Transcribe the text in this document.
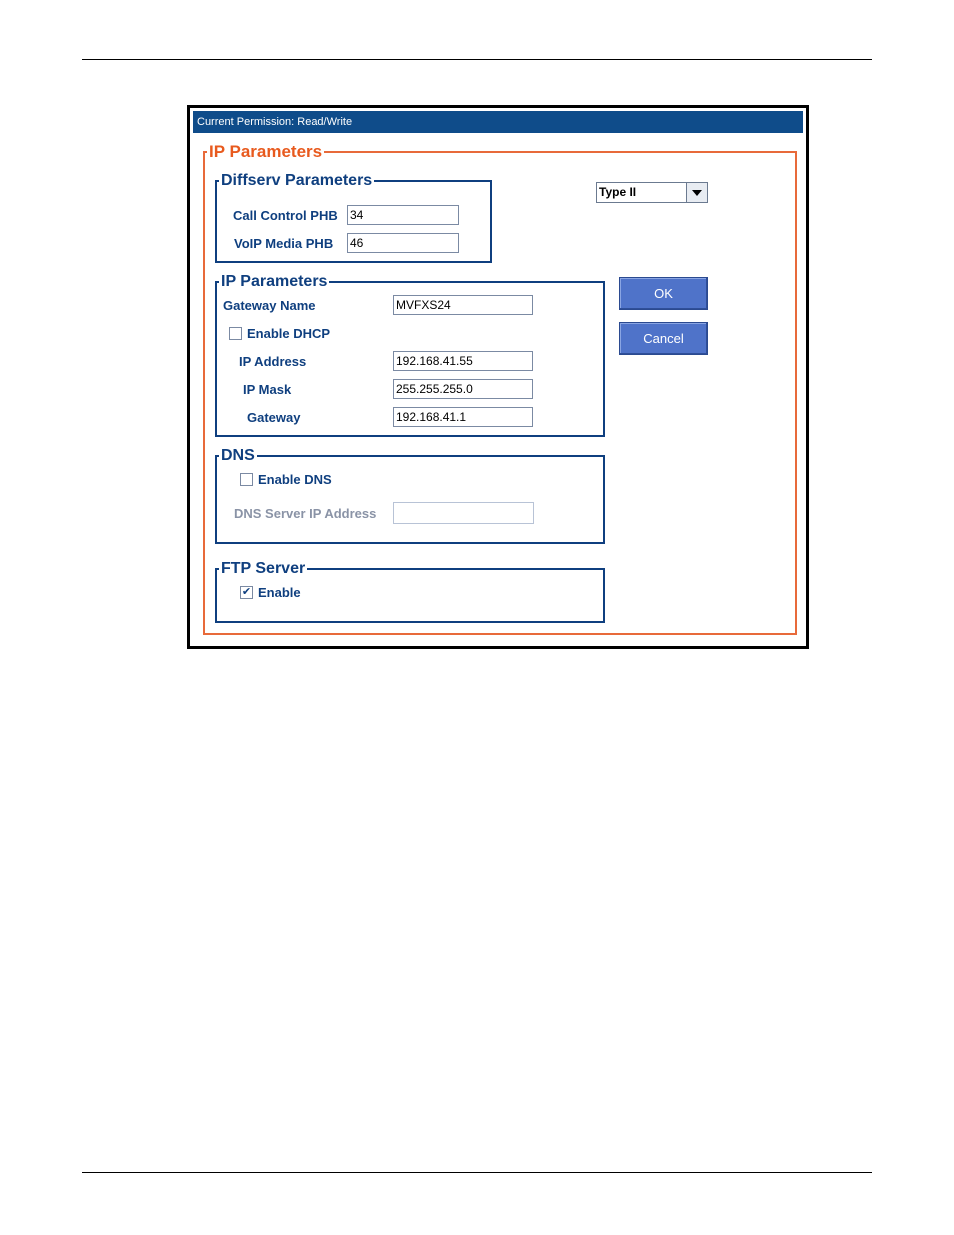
Current Permission: Read/Write
IP Parameters
Diffserv Parameters
Call Control PHB 34
VoIP Media PHB 46
Type II
IP Parameters
Gateway Name	MVFXS24
Enable DHCP
IP Address	192.168.41.55
IP Mask	255.255.255.0
Gateway	192.168.41.1
OK
Cancel
DNS
Enable DNS
DNS Server IP Address
FTP Server
✔ Enable
